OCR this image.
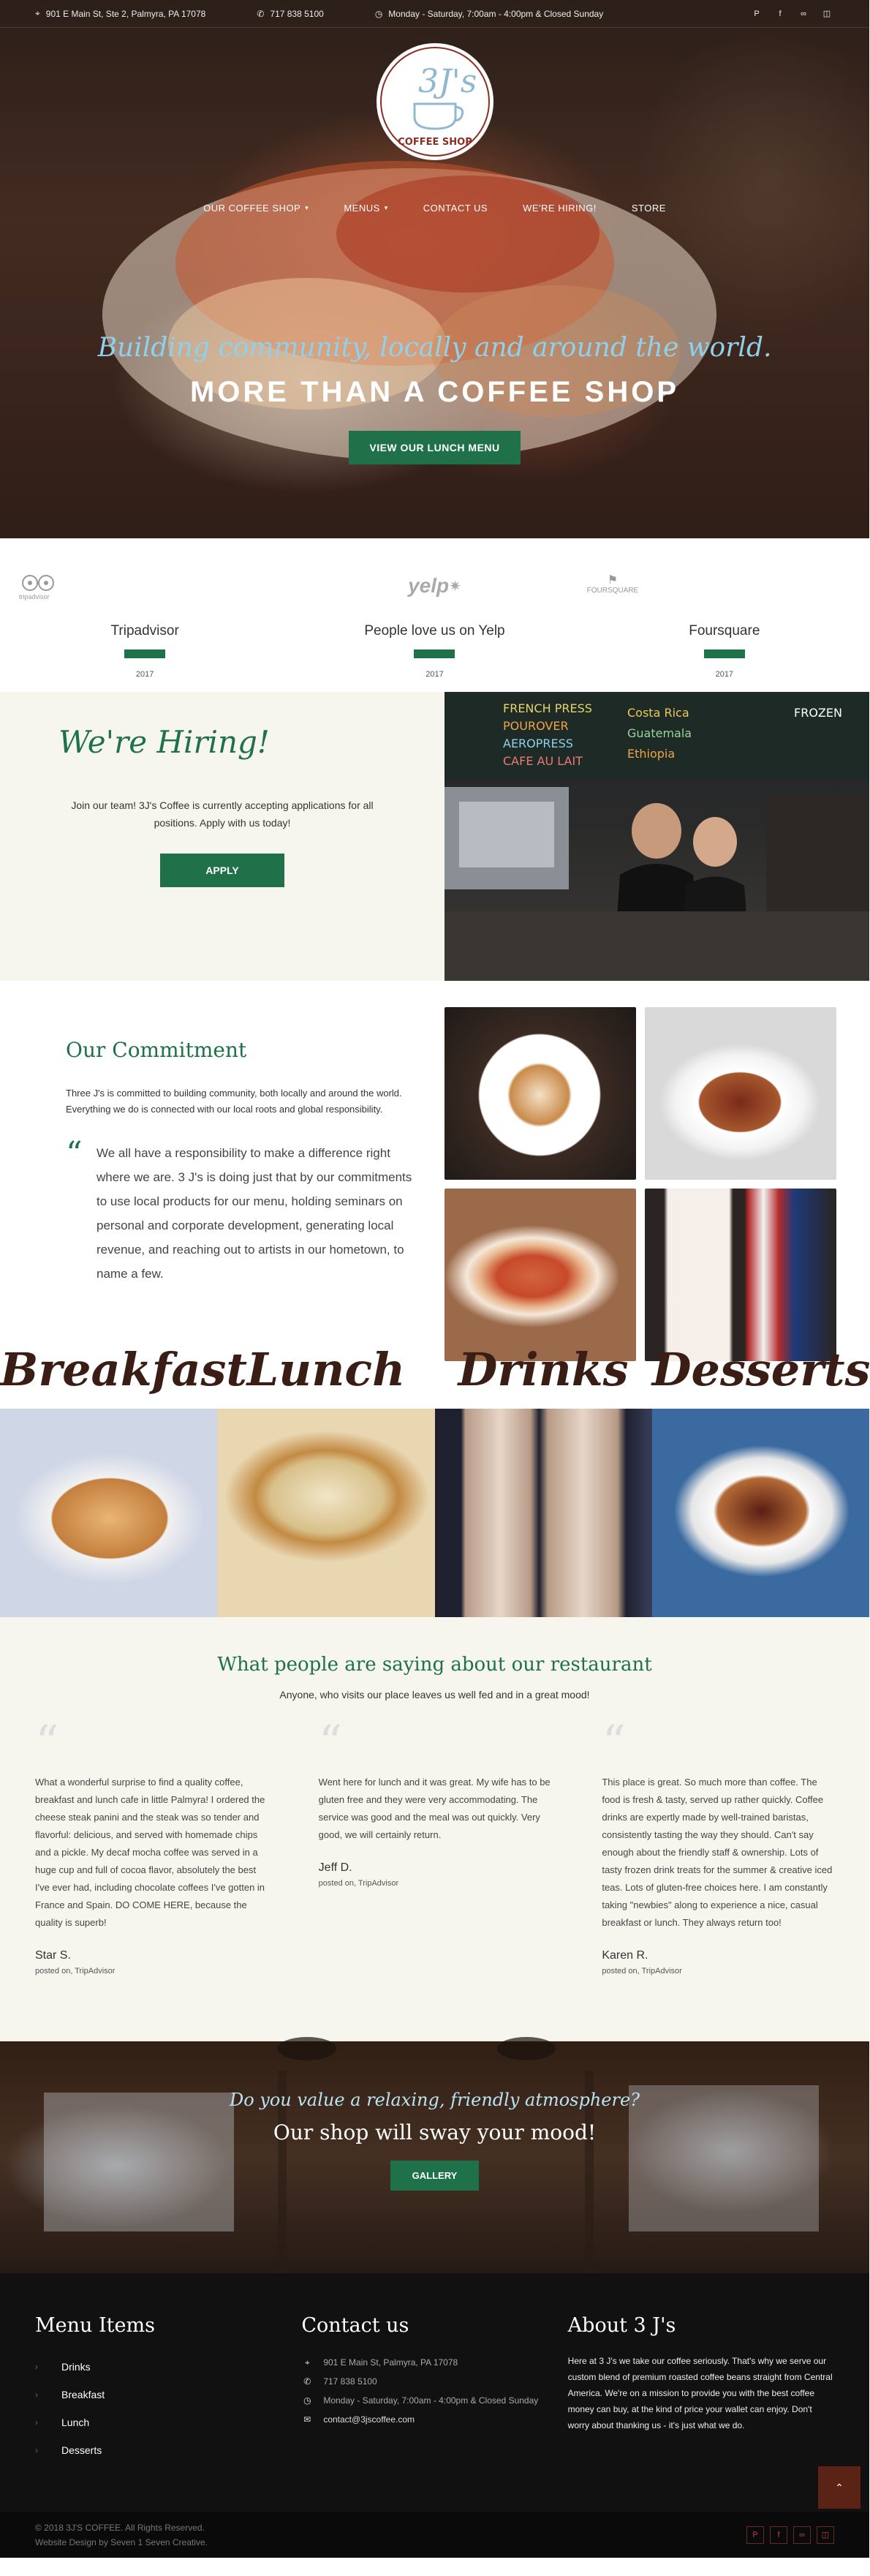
⌖ 901 E Main St, Ste 2, Palmyra, PA 17078	✆ 717 838 5100	◷ Monday - Saturday, 7:00am - 4:00pm & Closed Sunday	P	f	∞	◫
3J's
COFFEE SHOP
OUR COFFEE SHOP ▾	MENUS ▾	CONTACT US	WE'RE HIRING!	STORE
Building community, locally and around the world.
MORE THAN A COFFEE SHOP
VIEW OUR LUNCH MENU
tripadvisor
Tripadvisor
2017
yelp ✷
People love us on Yelp
2017
⚑
FOURSQUARE
Foursquare
2017
We're Hiring!

Join our team! 3J's Coffee is currently accepting applications for all positions. Apply with us today!

APPLY
FRENCH PRESS
POUROVER
AEROPRESS
CAFE AU LAIT
Costa Rica
Guatemala
Ethiopia
FROZEN
Our Commitment

Three J's is committed to building community, both locally and around the world. Everything we do is connected with our local roots and global responsibility.

“	We all have a responsibility to make a difference right where we are. 3 J's is doing just that by our commitments to use local products for our menu, holding seminars on personal and corporate development, generating local revenue, and reaching out to artists in our hometown, to name a few.

Breakfast Lunch	Drinks Desserts
What people are saying about our restaurant
Anyone, who visits our place leaves us well fed and in a great mood!
“

What a wonderful surprise to find a quality coffee, breakfast and lunch cafe in little Palmyra! I ordered the cheese steak panini and the steak was so tender and flavorful: delicious, and served with homemade chips and a pickle. My decaf mocha coffee was served in a huge cup and full of cocoa flavor, absolutely the best I've ever had, including chocolate coffees I've gotten in France and Spain. DO COME HERE, because the quality is superb!

Star S.
posted on, TripAdvisor
“

Went here for lunch and it was great. My wife has to be gluten free and they were very accommodating. The service was good and the meal was out quickly. Very good, we will certainly return.

Jeff D.
posted on, TripAdvisor
“

This place is great. So much more than coffee. The food is fresh & tasty, served up rather quickly. Coffee drinks are expertly made by well-trained baristas, consistently tasting the way they should. Can't say enough about the friendly staff & ownership. Lots of tasty frozen drink treats for the summer & creative iced teas. Lots of gluten-free choices here. I am constantly taking "newbies" along to experience a nice, casual breakfast or lunch. They always return too!

Karen R.
posted on, TripAdvisor
Do you value a relaxing, friendly atmosphere?
Our shop will sway your mood!
GALLERY
Menu Items
›	Drinks
›	Breakfast
›	Lunch
›	Desserts
Contact us
⌖	901 E Main St, Palmyra, PA 17078
✆ 717 838 5100
◷ Monday - Saturday, 7:00am - 4:00pm & Closed Sunday
✉ contact@3jscoffee.com
About 3 J's

Here at 3 J's we take our coffee seriously. That's why we serve our custom blend of premium roasted coffee beans straight from Central America. We're on a mission to provide you with the best coffee money can buy, at the kind of price your wallet can enjoy. Don't worry about thanking us - it's just what we do.

⌃
© 2018 3J'S COFFEE. All Rights Reserved.
Website Design by Seven 1 Seven Creative.
P	f	∞	◫
